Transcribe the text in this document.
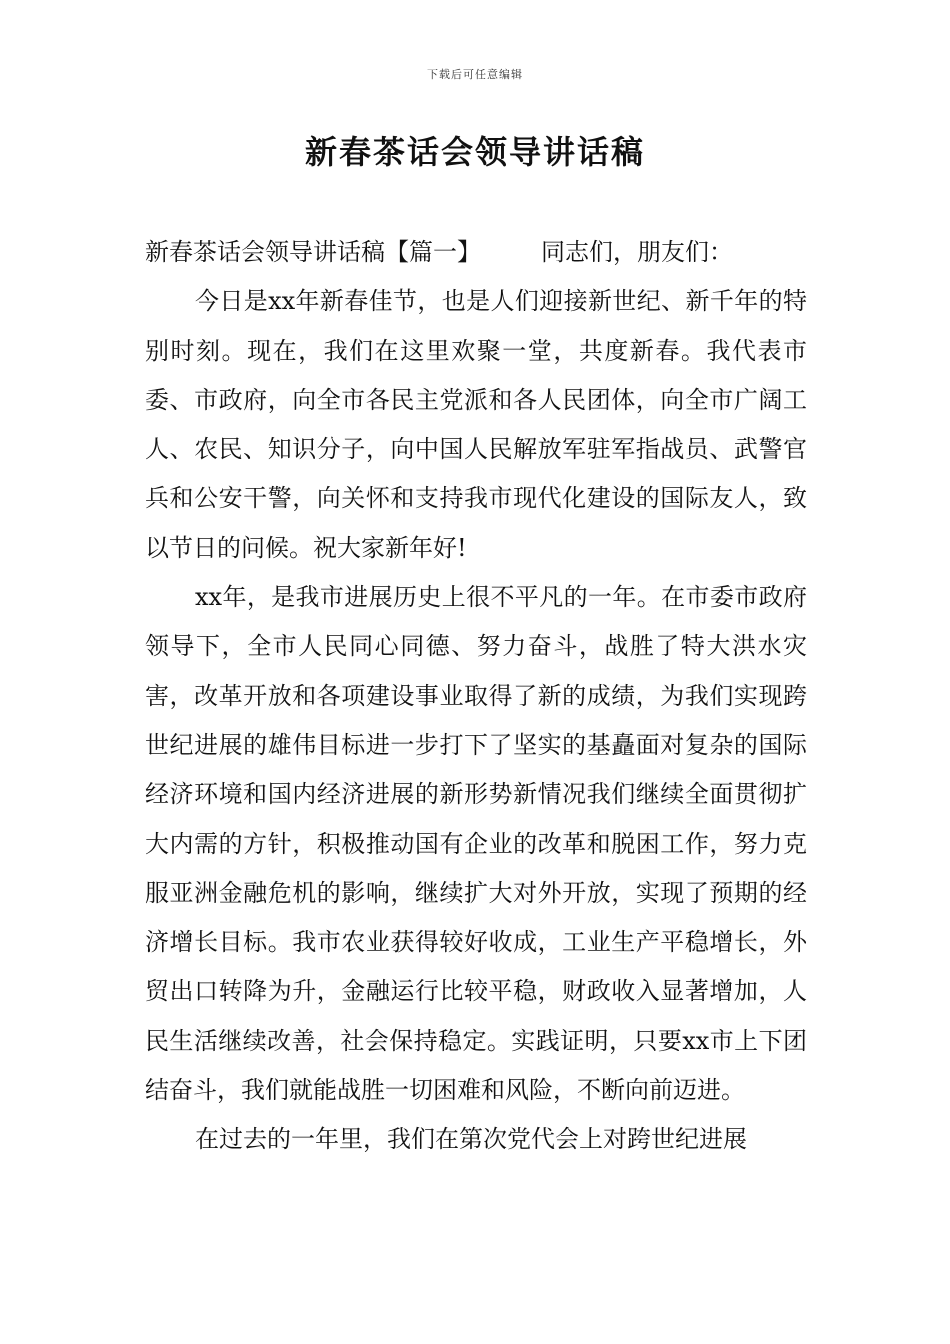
下载后可任意编辑
新春茶话会领导讲话稿

新春茶话会领导讲话稿【篇一】	同志们，朋友们：

今日是xx年新春佳节，也是人们迎接新世纪、新千年的特别时刻。现在，我们在这里欢聚一堂，共度新春。我代表市委、市政府，向全市各民主党派和各人民团体，向全市广阔工人、农民、知识分子，向中国人民解放军驻军指战员、武警官兵和公安干警，向关怀和支持我市现代化建设的国际友人，致以节日的问候。祝大家新年好!

xx年，是我市进展历史上很不平凡的一年。在市委市政府领导下，全市人民同心同德、努力奋斗，战胜了特大洪水灾害，改革开放和各项建设事业取得了新的成绩，为我们实现跨世纪进展的雄伟目标进一步打下了坚实的基矗面对复杂的国际经济环境和国内经济进展的新形势新情况我们继续全面贯彻扩大内需的方针，积极推动国有企业的改革和脱困工作，努力克服亚洲金融危机的影响，继续扩大对外开放，实现了预期的经济增长目标。我市农业获得较好收成，工业生产平稳增长，外贸出口转降为升，金融运行比较平稳，财政收入显著增加，人民生活继续改善，社会保持稳定。实践证明，只要xx市上下团结奋斗，我们就能战胜一切困难和风险，不断向前迈进。

在过去的一年里，我们在第次党代会上对跨世纪进展
